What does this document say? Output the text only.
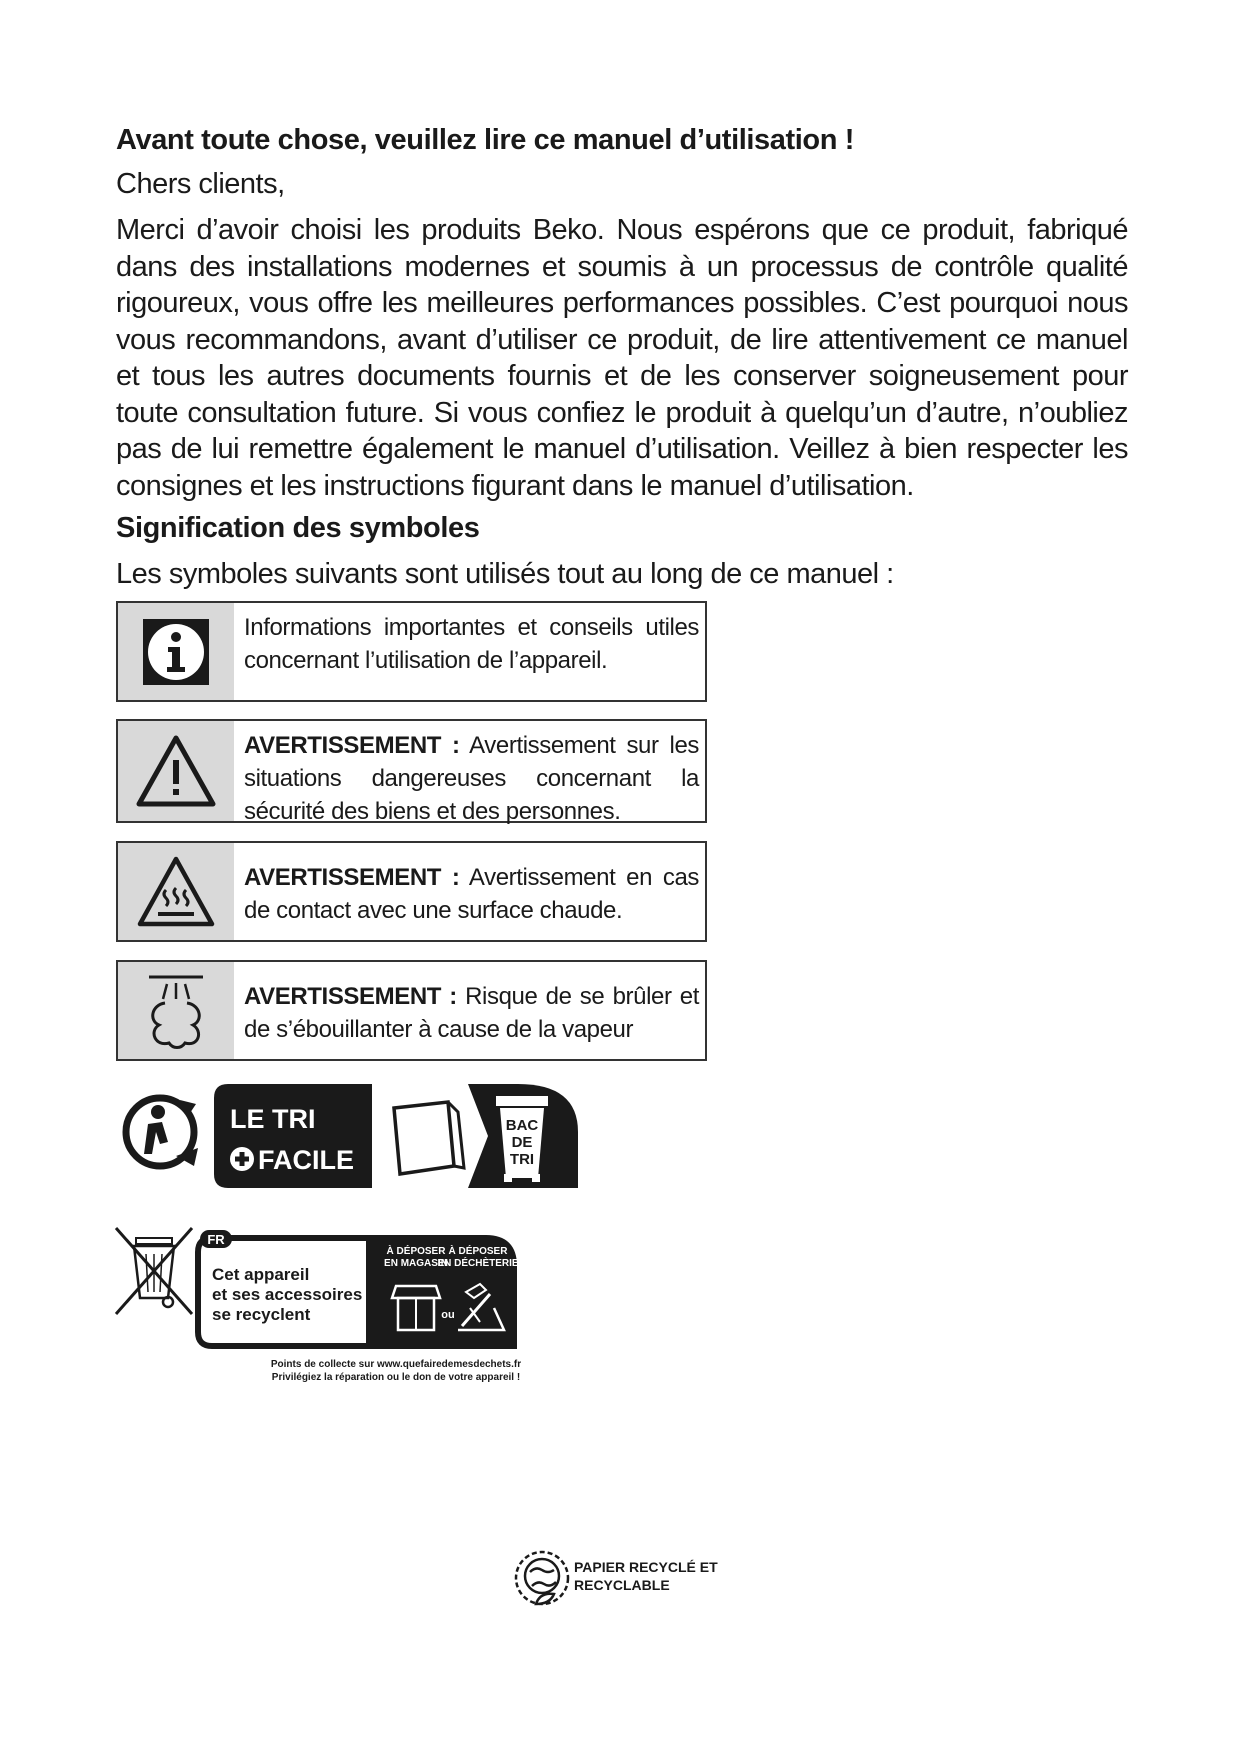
Avant toute chose, veuillez lire ce manuel d’utilisation !

Chers clients,

Merci d’avoir choisi les produits Beko. Nous espérons que ce produit, fabriqué dans des installations modernes et soumis à un processus de contrôle qualité rigoureux, vous offre les meilleures performances possibles. C’est pourquoi nous vous recommandons, avant d’utiliser ce produit, de lire attentivement ce manuel et tous les autres documents fournis et de les conserver soigneusement pour toute consultation future. Si vous confiez le produit à quelqu’un d’autre, n’oubliez pas de lui remettre également le manuel d’utilisation. Veillez à bien respecter les consignes et les instructions figurant dans le manuel d’utilisation.

Signification des symboles

Les symboles suivants sont utilisés tout au long de ce manuel :

Informations importantes et conseils utiles concernant l’utilisation de l’appareil.
AVERTISSEMENT : Avertissement sur les situations dangereuses concernant la sécurité des biens et des personnes.
AVERTISSEMENT : Avertissement en cas de contact avec une surface chaude.
AVERTISSEMENT : Risque de se brûler et de s’ébouillanter à cause de la vapeur
LE TRI
FACILE
BAC
DE
TRI
FR
Cet appareil
et ses accessoires
se recyclent
À DÉPOSER
EN MAGASIN
À DÉPOSER
EN DÉCHÈTERIE
ou
Points de collecte sur www.quefairedemesdechets.fr
Privilégiez la réparation ou le don de votre appareil !
PAPIER RECYCLÉ ET
RECYCLABLE
